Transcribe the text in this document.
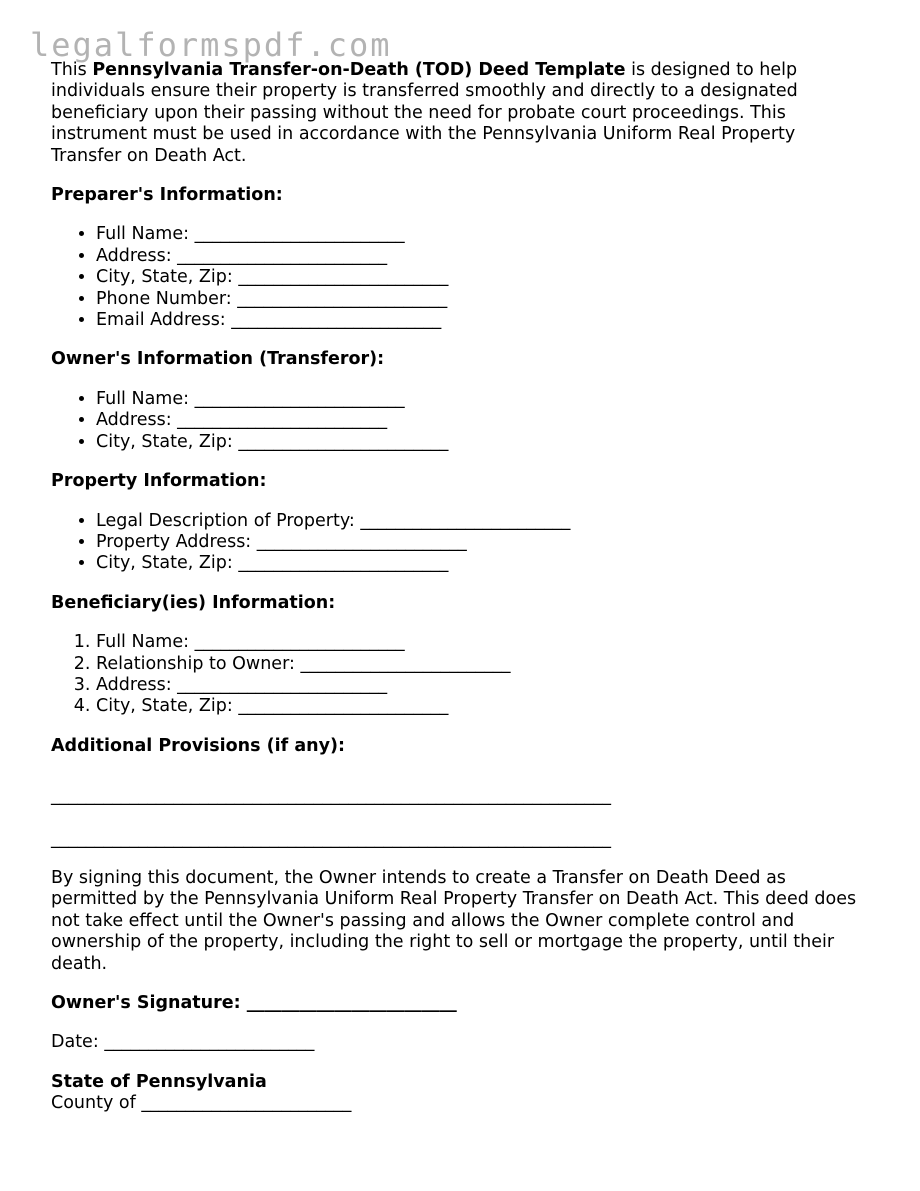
legalformspdf.com

This Pennsylvania Transfer-on-Death (TOD) Deed Template is designed to help individuals ensure their property is transferred smoothly and directly to a designated beneficiary upon their passing without the need for probate court proceedings. This instrument must be used in accordance with the Pennsylvania Uniform Real Property Transfer on Death Act.

Preparer's Information:

• Full Name: ________________________
• Address: ________________________
• City, State, Zip: ________________________
• Phone Number: ________________________
• Email Address: ________________________

Owner's Information (Transferor):

• Full Name: ________________________
• Address: ________________________
• City, State, Zip: ________________________

Property Information:

• Legal Description of Property: ________________________
• Property Address: ________________________
• City, State, Zip: ________________________

Beneficiary(ies) Information:

1. Full Name: ________________________
2. Relationship to Owner: ________________________
3. Address: ________________________
4. City, State, Zip: ________________________

Additional Provisions (if any):

________________________________________________________________

________________________________________________________________

By signing this document, the Owner intends to create a Transfer on Death Deed as permitted by the Pennsylvania Uniform Real Property Transfer on Death Act. This deed does not take effect until the Owner's passing and allows the Owner complete control and ownership of the property, including the right to sell or mortgage the property, until their death.

Owner's Signature: ________________________

Date: ________________________

State of Pennsylvania

County of ________________________
